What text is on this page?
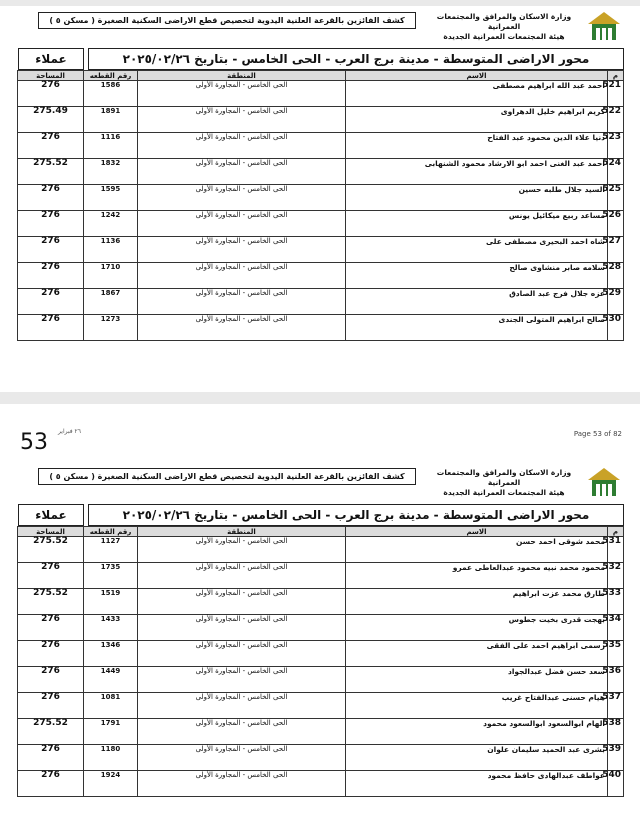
وزارة الاسكان والمرافق والمجتمعات العمرانية
هيئة المجتمعات العمرانية الجديدة
كشف الفائزين بالقرعة العلنية اليدوية لتخصيص قطع الاراضى السكنية الصغيرة ( مسكن ٥ )
محور الاراضى المتوسطة - مدينة برج العرب - الحى الخامس - بتاريخ ٢٠٢٥/٠٢/٢٦
عملاء
م	الاسم	المنطقة	رقم القطعه	المساحة
521	احمد عبد الله ابراهيم مصطفى	الحى الخامس - المجاورة الأولى	1586	276
522	كريم ابراهيم خليل الدهراوى	الحى الخامس - المجاورة الأولى	1891	275.49
523	دنيا علاء الدين محمود عبد الفتاح	الحى الخامس - المجاورة الأولى	1116	276
524	احمد عبد الغنى احمد ابو الارشاد محمود الشنهابى	الحى الخامس - المجاورة الأولى	1832	275.52
525	السيد جلال طلبه حسين	الحى الخامس - المجاورة الأولى	1595	276
526	مساعد ربيع ميكائيل يونس	الحى الخامس - المجاورة الأولى	1242	276
527	شاه احمد البحيرى مصطفى على	الحى الخامس - المجاورة الأولى	1136	276
528	سلامه صابر منشاوى صالح	الحى الخامس - المجاورة الأولى	1710	276
529	عزه جلال فرج عبد الصادق	الحى الخامس - المجاورة الأولى	1867	276
530	صالح ابراهيم المتولى الجندى	الحى الخامس - المجاورة الأولى	1273	276
53 ٢٦ فبراير	Page 53 of 82
وزارة الاسكان والمرافق والمجتمعات العمرانية
هيئة المجتمعات العمرانية الجديدة
كشف الفائزين بالقرعة العلنية اليدوية لتخصيص قطع الاراضى السكنية الصغيرة ( مسكن ٥ )
محور الاراضى المتوسطة - مدينة برج العرب - الحى الخامس - بتاريخ ٢٠٢٥/٠٢/٢٦
عملاء
م	الاسم	المنطقة	رقم القطعه	المساحة
531	محمد شوقى احمد حسن	الحى الخامس - المجاورة الأولى	1127	275.52
532	محمود محمد نبيه محمود عبدالعاطى عمرو	الحى الخامس - المجاورة الأولى	1735	276
533	طارق محمد عزت ابراهيم	الحى الخامس - المجاورة الأولى	1519	275.52
534	بهجت قدرى بخيت جطوس	الحى الخامس - المجاورة الأولى	1433	276
535	رسمى ابراهيم احمد على الفقى	الحى الخامس - المجاورة الأولى	1346	276
536	سعد حسن فضل عبدالجواد	الحى الخامس - المجاورة الأولى	1449	276
537	هيام حسنى عبدالفتاح غريب	الحى الخامس - المجاورة الأولى	1081	276
538	الهام ابوالسعود ابوالسعود محمود	الحى الخامس - المجاورة الأولى	1791	275.52
539	بشرى عبد الحميد سليمان علوان	الحى الخامس - المجاورة الأولى	1180	276
540	عواطف عبدالهادى حافظ محمود	الحى الخامس - المجاورة الأولى	1924	276
